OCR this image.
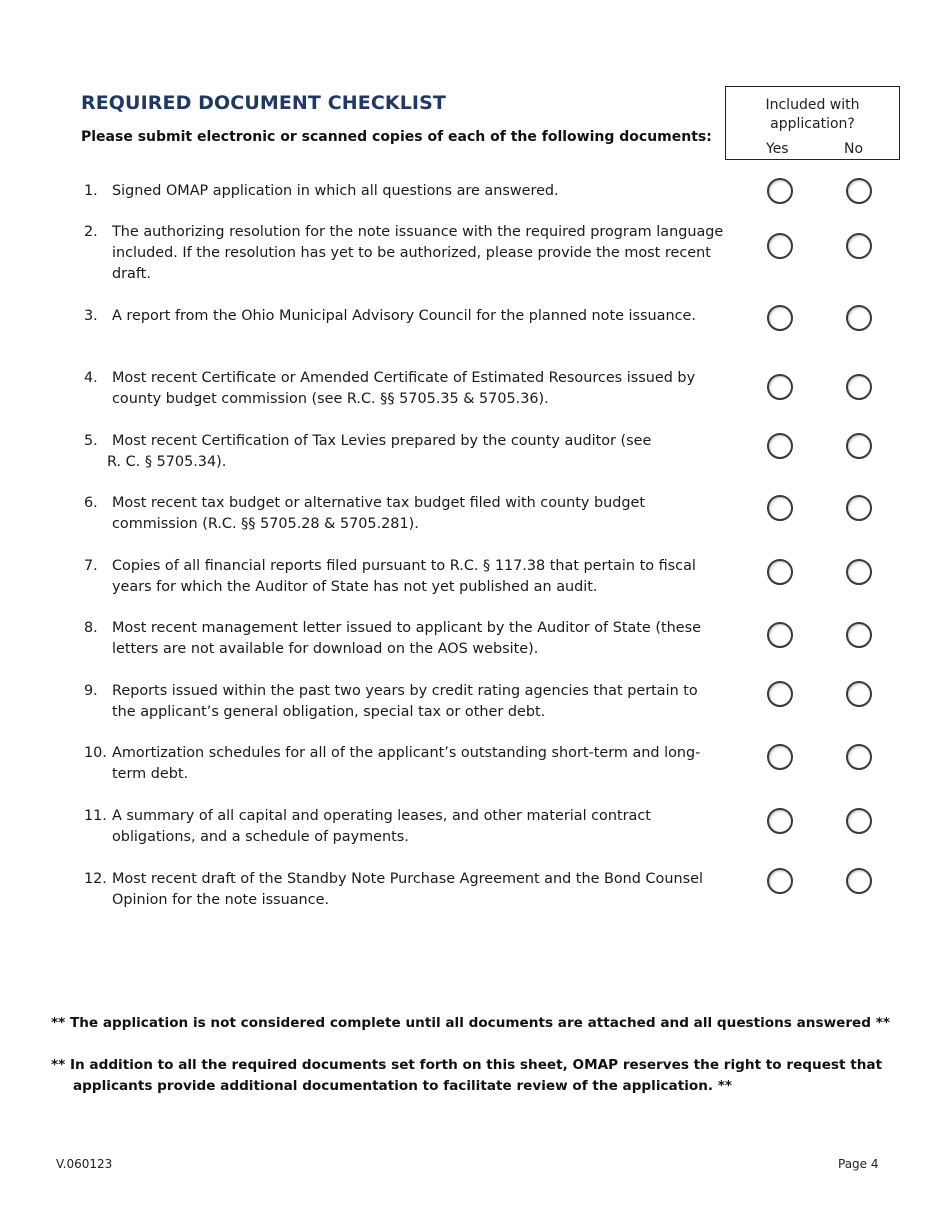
REQUIRED DOCUMENT CHECKLIST
Please submit electronic or scanned copies of each of the following documents:
Included with
application?
Yes	No
1. Signed OMAP application in which all questions are answered.
2. The authorizing resolution for the note issuance with the required program language included. If the resolution has yet to be authorized, please provide the most recent draft.
3. A report from the Ohio Municipal Advisory Council for the planned note issuance.
4. Most recent Certificate or Amended Certificate of Estimated Resources issued by county budget commission (see R.C. §§ 5705.35 & 5705.36).
5. Most recent Certification of Tax Levies prepared by the county auditor (see
R. C. § 5705.34).
6. Most recent tax budget or alternative tax budget filed with county budget commission (R.C. §§ 5705.28 & 5705.281).
7. Copies of all financial reports filed pursuant to R.C. § 117.38 that pertain to fiscal years for which the Auditor of State has not yet published an audit.
8. Most recent management letter issued to applicant by the Auditor of State (these letters are not available for download on the AOS website).
9. Reports issued within the past two years by credit rating agencies that pertain to the applicant’s general obligation, special tax or other debt.
10. Amortization schedules for all of the applicant’s outstanding short-term and long-term debt.
11. A summary of all capital and operating leases, and other material contract obligations, and a schedule of payments.
12. Most recent draft of the Standby Note Purchase Agreement and the Bond Counsel Opinion for the note issuance.
** The application is not considered complete until all documents are attached and all questions answered **
** In addition to all the required documents set forth on this sheet, OMAP reserves the right to request that
applicants provide additional documentation to facilitate review of the application. **
V.060123	Page 4
